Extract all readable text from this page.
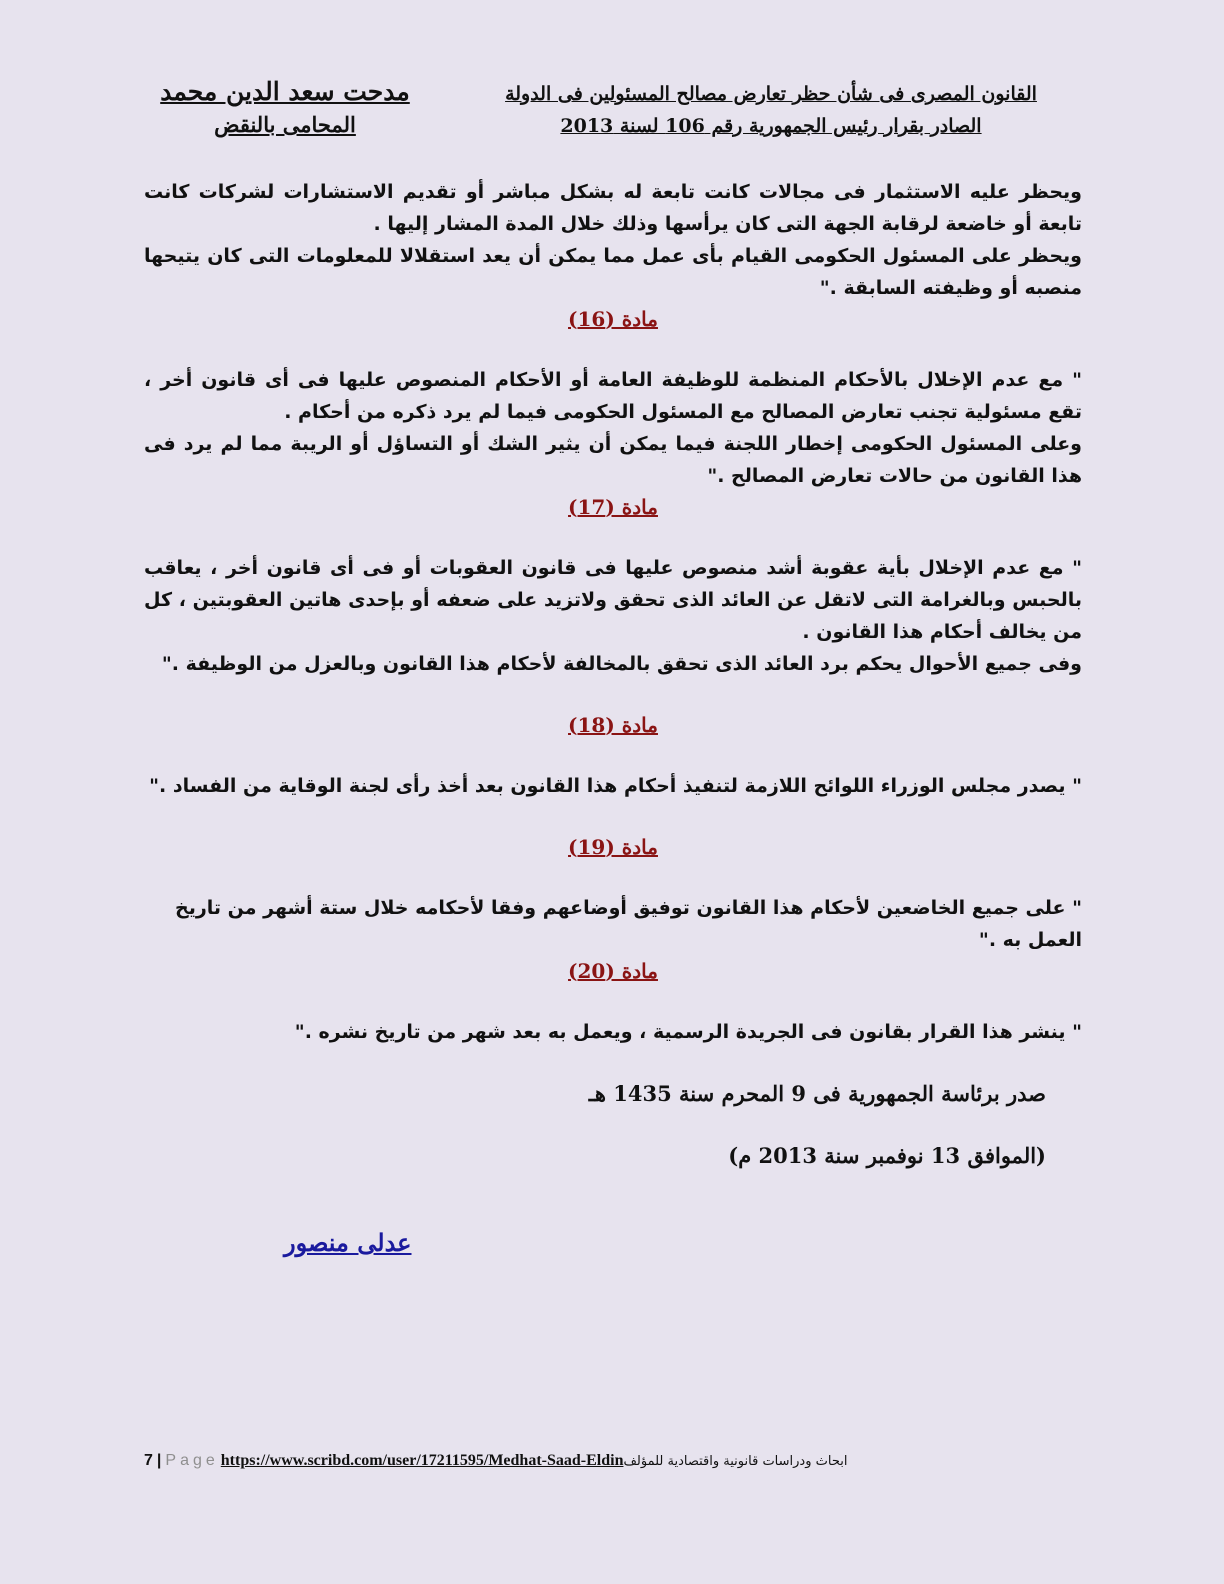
مدحت سعد الدين محمد
المحامى بالنقض
القانون المصرى فى شأن حظر تعارض مصالح المسئولين فى الدولة
الصادر بقرار رئيس الجمهورية رقم 106 لسنة 2013

ويحظر عليه الاستثمار فى مجالات كانت تابعة له بشكل مباشر أو تقديم الاستشارات لشركات كانت تابعة أو خاضعة لرقابة الجهة التى كان يرأسها وذلك خلال المدة المشار إليها .

ويحظر على المسئول الحكومى القيام بأى عمل مما يمكن أن يعد استقلالا للمعلومات التى كان يتيحها منصبه أو وظيفته السابقة ."

مادة (16)

" مع عدم الإخلال بالأحكام المنظمة للوظيفة العامة أو الأحكام المنصوص عليها فى أى قانون أخر ، تقع مسئولية تجنب تعارض المصالح مع المسئول الحكومى فيما لم يرد ذكره من أحكام .

وعلى المسئول الحكومى إخطار اللجنة فيما يمكن أن يثير الشك أو التساؤل أو الريبة مما لم يرد فى هذا القانون من حالات تعارض المصالح ."

مادة (17)

" مع عدم الإخلال بأية عقوبة أشد منصوص عليها فى قانون العقوبات أو فى أى قانون أخر ، يعاقب بالحبس وبالغرامة التى لاتقل عن العائد الذى تحقق ولاتزيد على ضعفه أو بإحدى هاتين العقوبتين ، كل من يخالف أحكام هذا القانون .

وفى جميع الأحوال يحكم برد العائد الذى تحقق بالمخالفة لأحكام هذا القانون وبالعزل من الوظيفة ."

مادة (18)

" يصدر مجلس الوزراء اللوائح اللازمة لتنفيذ أحكام هذا القانون بعد أخذ رأى لجنة الوقاية من الفساد ."

مادة (19)

" على جميع الخاضعين لأحكام هذا القانون توفيق أوضاعهم وفقا لأحكامه خلال ستة أشهر من تاريخ العمل به ."

مادة (20)

" ينشر هذا القرار بقانون فى الجريدة الرسمية ، ويعمل به بعد شهر من تاريخ نشره ."

صدر برئاسة الجمهورية فى 9 المحرم سنة 1435 هـ

(الموافق 13 نوفمبر سنة 2013 م)

عدلى منصور
7 | Page https://www.scribd.com/user/17211595/Medhat-Saad-Eldinابحاث ودراسات قانونية واقتصادية للمؤلف
